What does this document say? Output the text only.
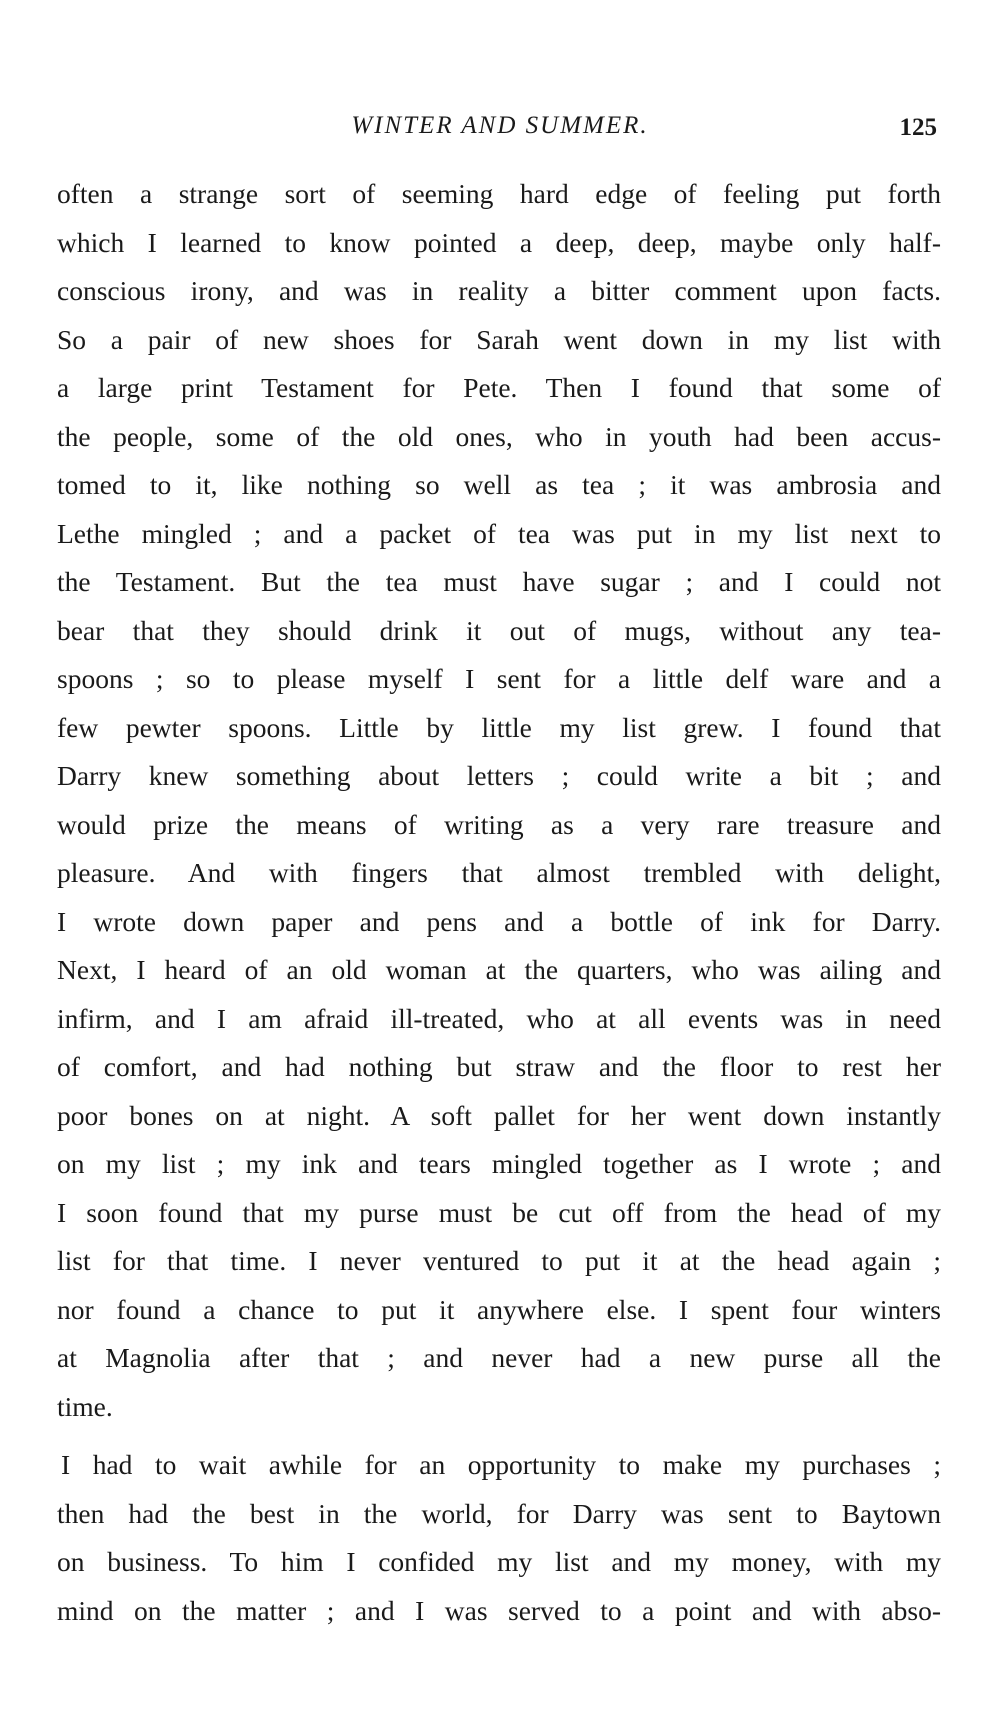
WINTER AND SUMMER.	125
often a strange sort of seeming hard edge of feeling put forth
which I learned to know pointed a deep, deep, maybe only half-
conscious irony, and was in reality a bitter comment upon facts.
So a pair of new shoes for Sarah went down in my list with
a large print Testament for Pete. Then I found that some of
the people, some of the old ones, who in youth had been accus-
tomed to it, like nothing so well as tea ; it was ambrosia and
Lethe mingled ; and a packet of tea was put in my list next to
the Testament. But the tea must have sugar ; and I could not
bear that they should drink it out of mugs, without any tea-
spoons ; so to please myself I sent for a little delf ware and a
few pewter spoons. Little by little my list grew. I found that
Darry knew something about letters ; could write a bit ; and
would prize the means of writing as a very rare treasure and
pleasure. And with fingers that almost trembled with delight,
I wrote down paper and pens and a bottle of ink for Darry.
Next, I heard of an old woman at the quarters, who was ailing and
infirm, and I am afraid ill-treated, who at all events was in need
of comfort, and had nothing but straw and the floor to rest her
poor bones on at night. A soft pallet for her went down instantly
on my list ; my ink and tears mingled together as I wrote ; and
I soon found that my purse must be cut off from the head of my
list for that time. I never ventured to put it at the head again ;
nor found a chance to put it anywhere else. I spent four winters
at Magnolia after that ; and never had a new purse all the
time.
I had to wait awhile for an opportunity to make my purchases ;
then had the best in the world, for Darry was sent to Baytown
on business. To him I confided my list and my money, with my
mind on the matter ; and I was served to a point and with abso-
